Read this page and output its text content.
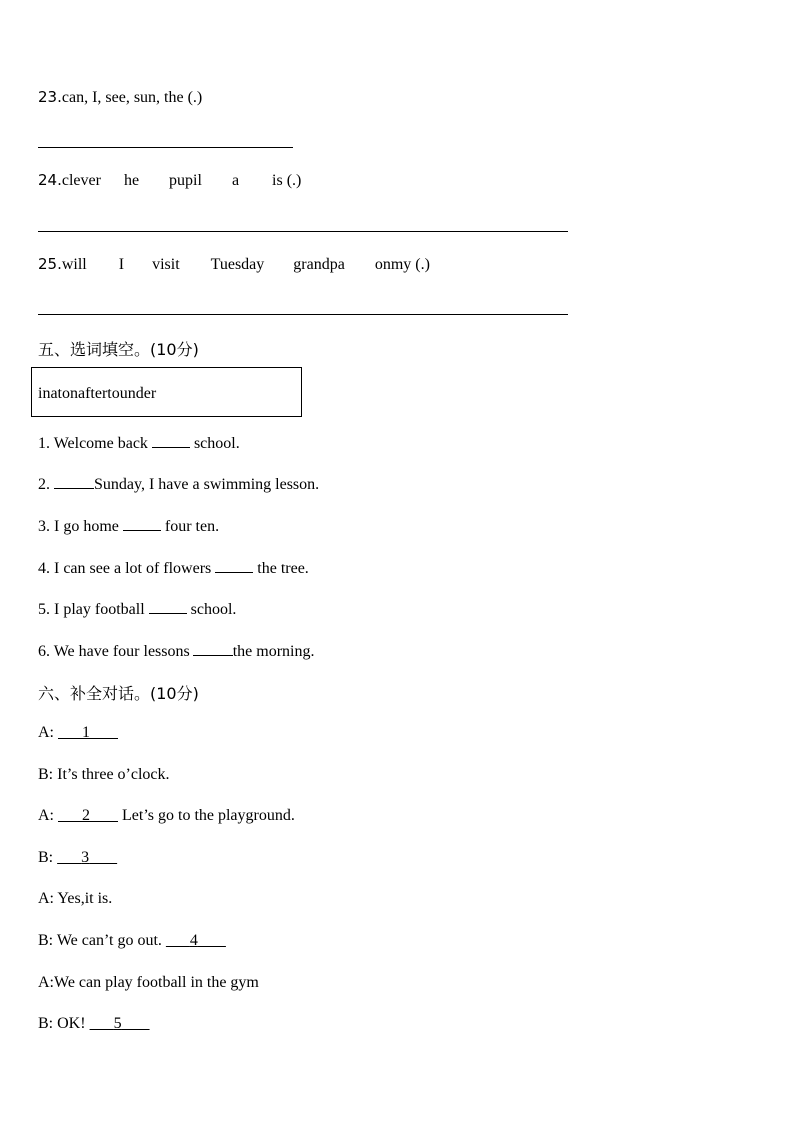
23.can, I, see, sun, the (.)
24.clever he pupil a is (.)
25.will I visit Tuesday grandpa onmy (.)
五、选词填空。(10分)
inatonaftertounder
1. Welcome back	school.
2.	Sunday, I have a swimming lesson.
3. I go home	four ten.
4. I can see a lot of flowers	the tree.
5. I play football	school.
6. We have four lessons	the morning.
六、补全对话。(10分)
A: ​      1
B: It’s three o’clock.
A: 2 Let’s go to the playground.
B: 3
A: Yes,it is.
B: We can’t go out. 4
A:We can play football in the gym
B: OK! 5
